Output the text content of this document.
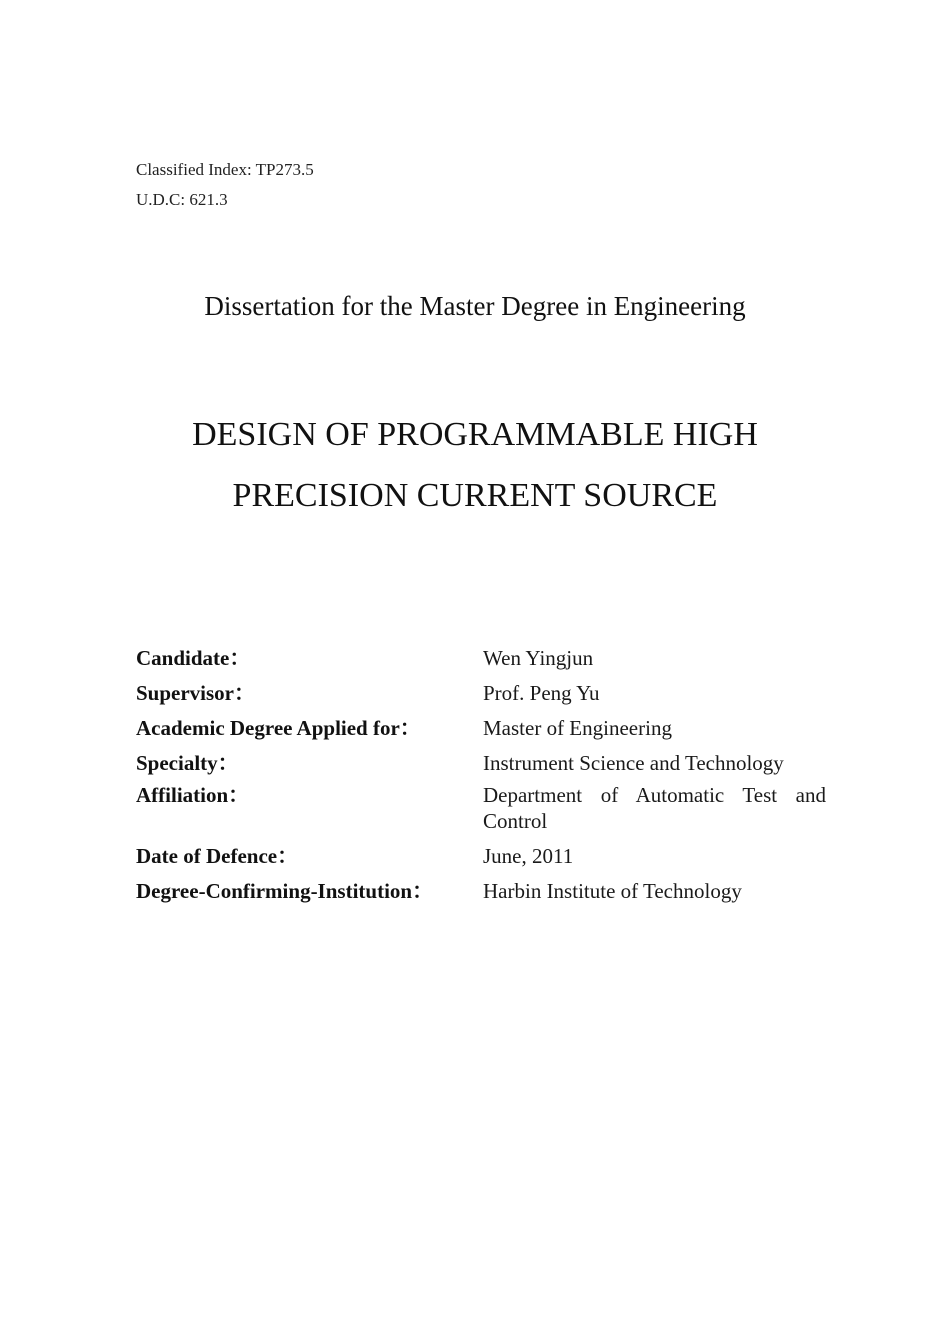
Classified Index: TP273.5
U.D.C: 621.3
Dissertation for the Master Degree in Engineering
DESIGN OF PROGRAMMABLE HIGH
PRECISION CURRENT SOURCE
Candidate：	Wen Yingjun
Supervisor：	Prof. Peng Yu
Academic Degree Applied for：	Master of Engineering
Specialty：	Instrument Science and Technology
Affiliation：	Department of Automatic Test and Control
Date of Defence：	June, 2011
Degree-Confirming-Institution：	Harbin Institute of Technology
